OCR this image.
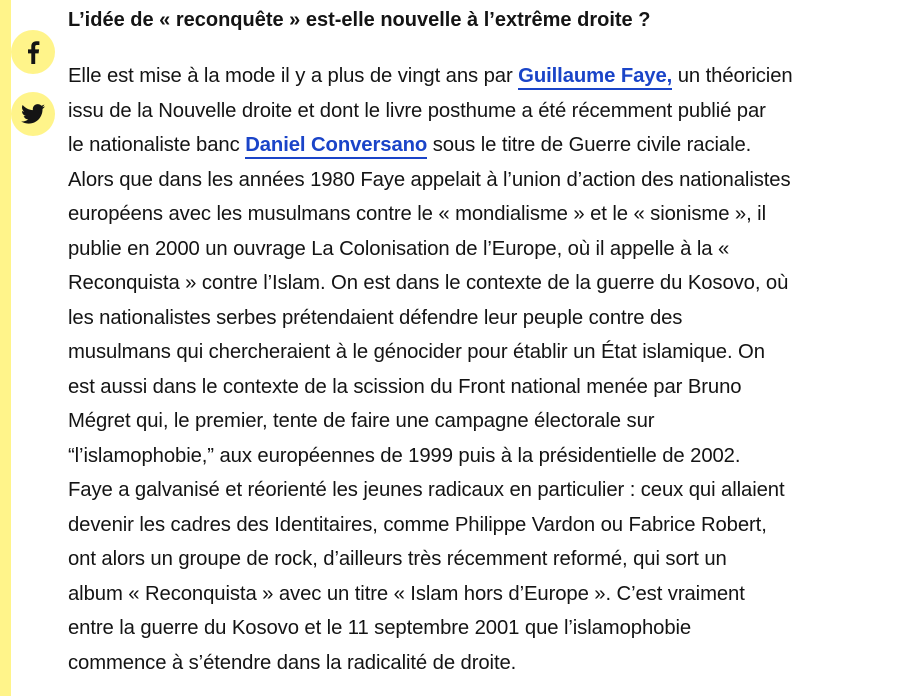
L’idée de « reconquête » est-elle nouvelle à l’extrême droite ?

Elle est mise à la mode il y a plus de vingt ans par Guillaume Faye, un théoricien
issu de la Nouvelle droite et dont le livre posthume a été récemment publié par
le nationaliste banc Daniel Conversano sous le titre de Guerre civile raciale.
Alors que dans les années 1980 Faye appelait à l’union d’action des nationalistes
européens avec les musulmans contre le « mondialisme » et le « sionisme », il
publie en 2000 un ouvrage La Colonisation de l’Europe, où il appelle à la «
Reconquista » contre l’Islam. On est dans le contexte de la guerre du Kosovo, où
les nationalistes serbes prétendaient défendre leur peuple contre des
musulmans qui chercheraient à le génocider pour établir un État islamique. On
est aussi dans le contexte de la scission du Front national menée par Bruno
Mégret qui, le premier, tente de faire une campagne électorale sur
“l’islamophobie,” aux européennes de 1999 puis à la présidentielle de 2002.
Faye a galvanisé et réorienté les jeunes radicaux en particulier : ceux qui allaient
devenir les cadres des Identitaires, comme Philippe Vardon ou Fabrice Robert,
ont alors un groupe de rock, d’ailleurs très récemment reformé, qui sort un
album « Reconquista » avec un titre « Islam hors d’Europe ». C’est vraiment
entre la guerre du Kosovo et le 11 septembre 2001 que l’islamophobie
commence à s’étendre dans la radicalité de droite.
